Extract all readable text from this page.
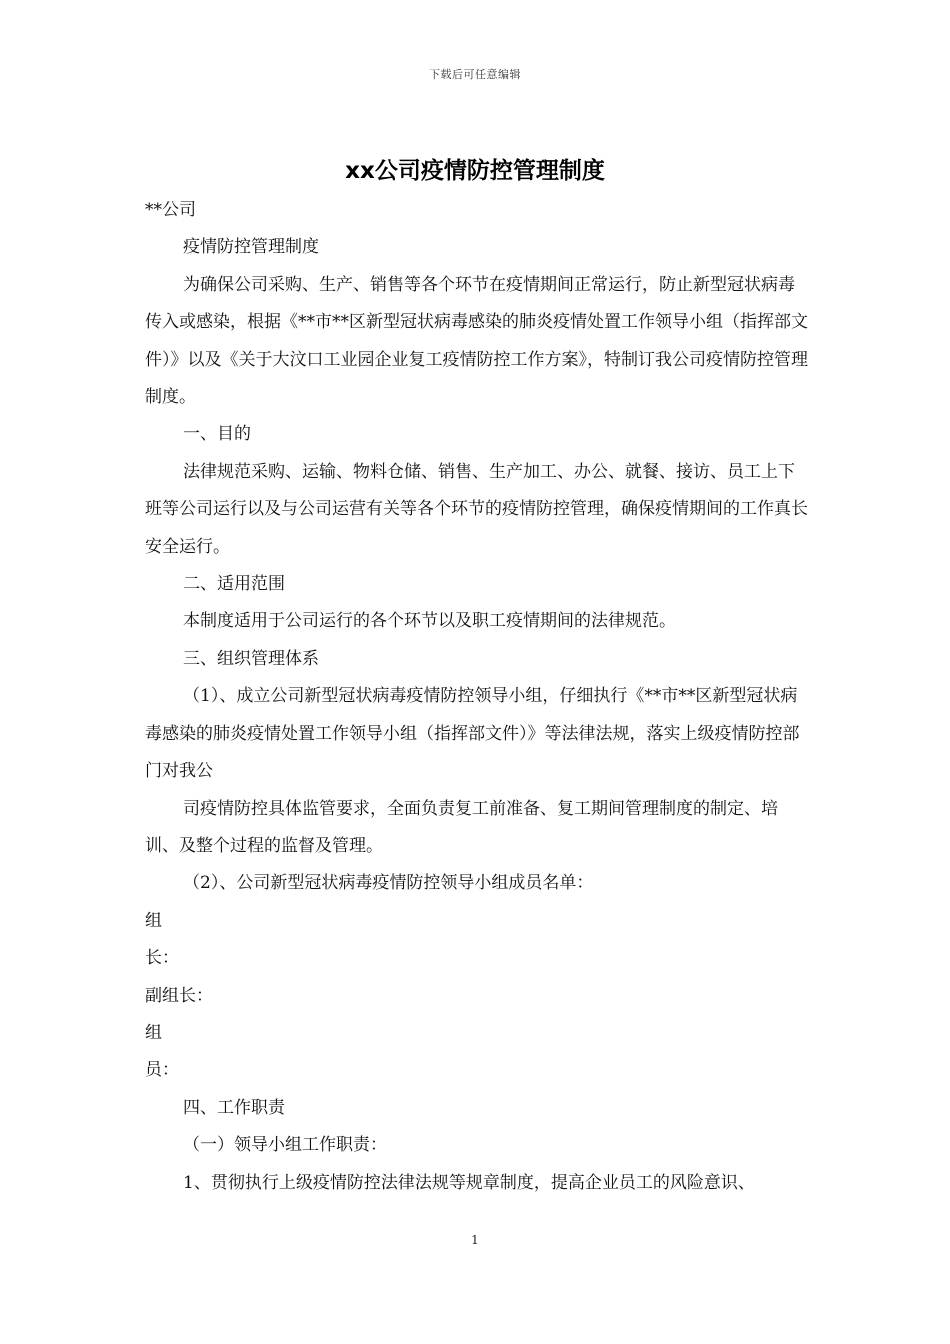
下载后可任意编辑
xx公司疫情防控管理制度

**公司

疫情防控管理制度

为确保公司采购、生产、销售等各个环节在疫情期间正常运行，防止新型冠状病毒传入或感染，根据《**市**区新型冠状病毒感染的肺炎疫情处置工作领导小组（指挥部文件）》以及《关于大汶口工业园企业复工疫情防控工作方案》，特制订我公司疫情防控管理制度。

一、目的

法律规范采购、运输、物料仓储、销售、生产加工、办公、就餐、接访、员工上下班等公司运行以及与公司运营有关等各个环节的疫情防控管理，确保疫情期间的工作真长安全运行。

二、适用范围

本制度适用于公司运行的各个环节以及职工疫情期间的法律规范。

三、组织管理体系

（1）、成立公司新型冠状病毒疫情防控领导小组，仔细执行《**市**区新型冠状病毒感染的肺炎疫情处置工作领导小组（指挥部文件）》等法律法规，落实上级疫情防控部门对我公

司疫情防控具体监管要求，全面负责复工前准备、复工期间管理制度的制定、培训、及整个过程的监督及管理。

（2）、公司新型冠状病毒疫情防控领导小组成员名单：

组

长：

副组长：

组

员：

四、工作职责

（一）领导小组工作职责：

1、贯彻执行上级疫情防控法律法规等规章制度，提高企业员工的风险意识、

1
